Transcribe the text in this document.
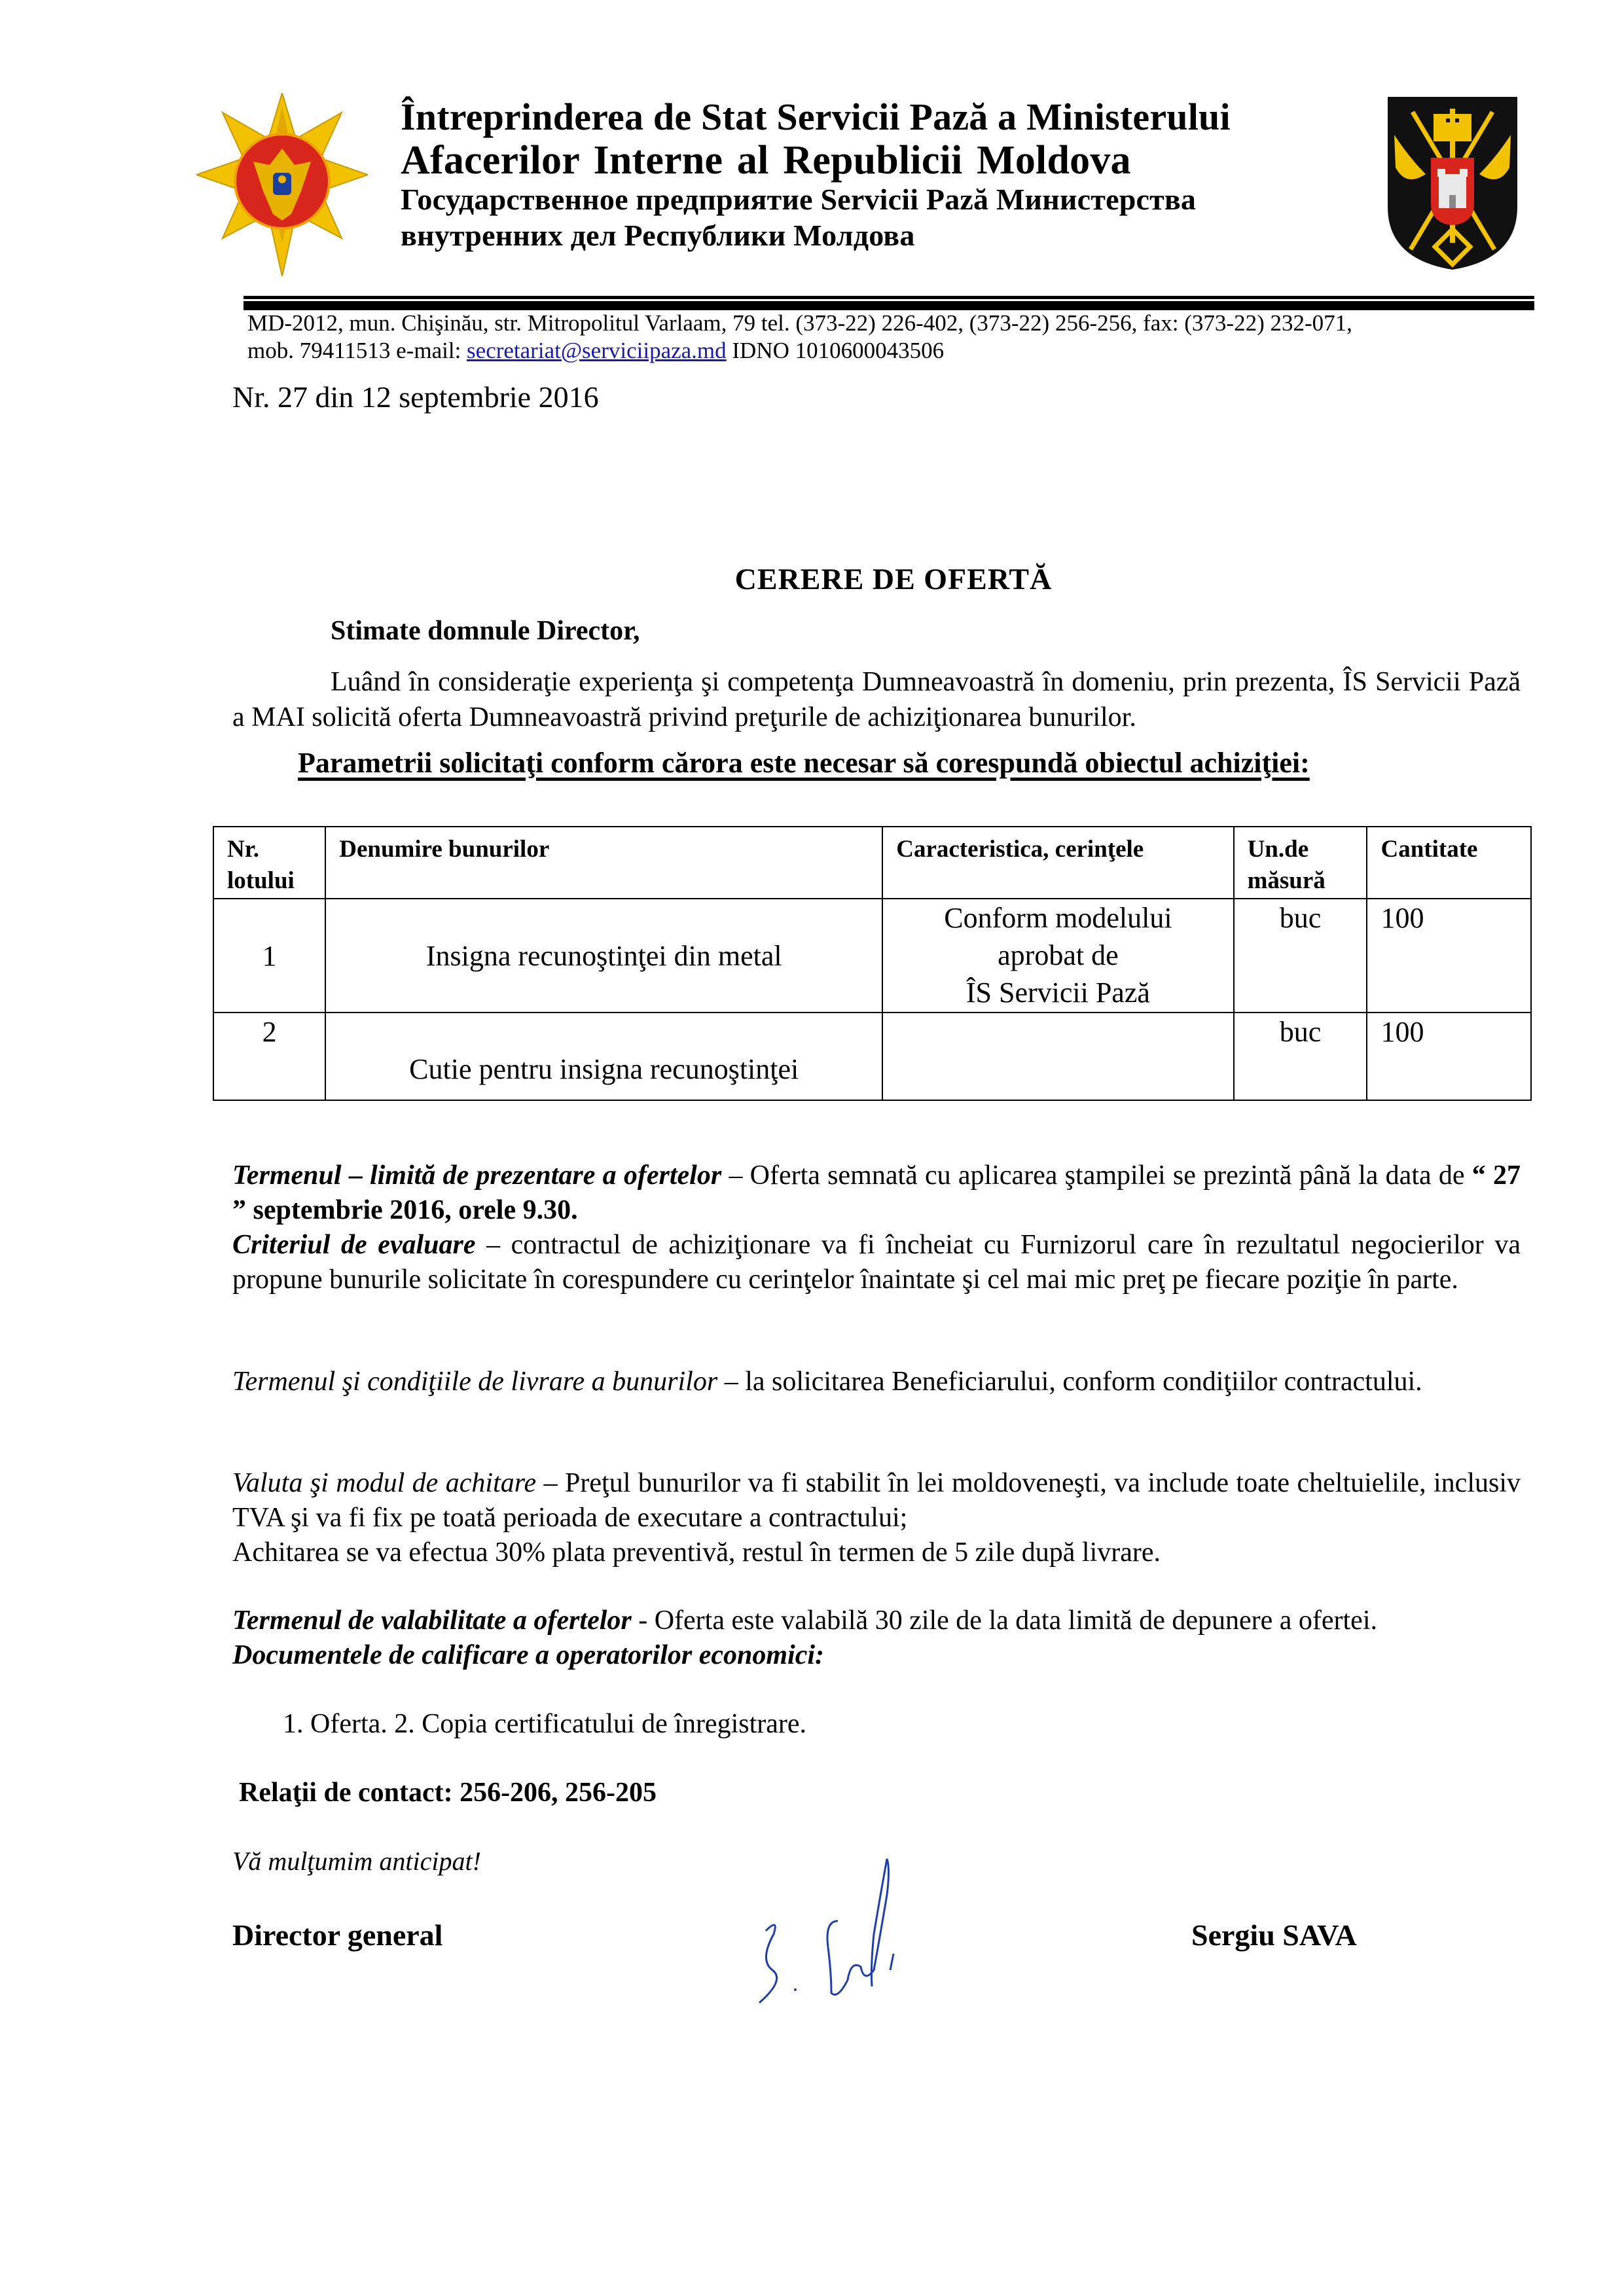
Întreprinderea de Stat Servicii Pază a Ministerului
Afacerilor Interne al Republicii Moldova
Государственное предприятие Servicii Pază Министерства
внутренних дел Республики Молдова
MD-2012, mun. Chişinău, str. Mitropolitul Varlaam, 79 tel. (373-22) 226-402, (373-22) 256-256, fax: (373-22) 232-071,
mob. 79411513 e-mail: secretariat@serviciipaza.md IDNO 1010600043506
Nr. 27 din 12 septembrie 2016
CERERE DE OFERTĂ
Stimate domnule Director,
Luând în consideraţie experienţa şi competenţa Dumneavoastră în domeniu, prin prezenta, ÎS Servicii Pază a MAI solicită oferta Dumneavoastră privind preţurile de achiziţionarea bunurilor.
Parametrii solicitaţi conform cărora este necesar să corespundă obiectul achiziţiei:
Nr.
lotului	Denumire bunurilor	Caracteristica, cerinţele	Un.de
măsură	Cantitate
1	Insigna recunoştinţei din metal	Conform modelului
aprobat de
ÎS Servicii Pază	buc	100
2	Cutie pentru insigna recunoştinţei		buc	100
Termenul – limită de prezentare a ofertelor – Oferta semnată cu aplicarea ştampilei se prezintă până la data de “ 27 ” septembrie 2016, orele 9.30.
Criteriul de evaluare – contractul de achiziţionare va fi încheiat cu Furnizorul care în rezultatul negocierilor va propune bunurile solicitate în corespundere cu cerinţelor înaintate şi cel mai mic preţ pe fiecare poziţie în parte.
Termenul şi condiţiile de livrare a bunurilor – la solicitarea Beneficiarului, conform condiţiilor contractului.
Valuta şi modul de achitare – Preţul bunurilor va fi stabilit în lei moldoveneşti, va include toate cheltuielile, inclusiv TVA şi va fi fix pe toată perioada de executare a contractului;
Achitarea se va efectua 30% plata preventivă, restul în termen de 5 zile după livrare.
Termenul de valabilitate a ofertelor - Oferta este valabilă 30 zile de la data limită de depunere a ofertei.
Documentele de calificare a operatorilor economici:
1. Oferta. 2. Copia certificatului de înregistrare.
Relaţii de contact: 256-206, 256-205
Vă mulţumim anticipat!
Director general	Sergiu SAVA
